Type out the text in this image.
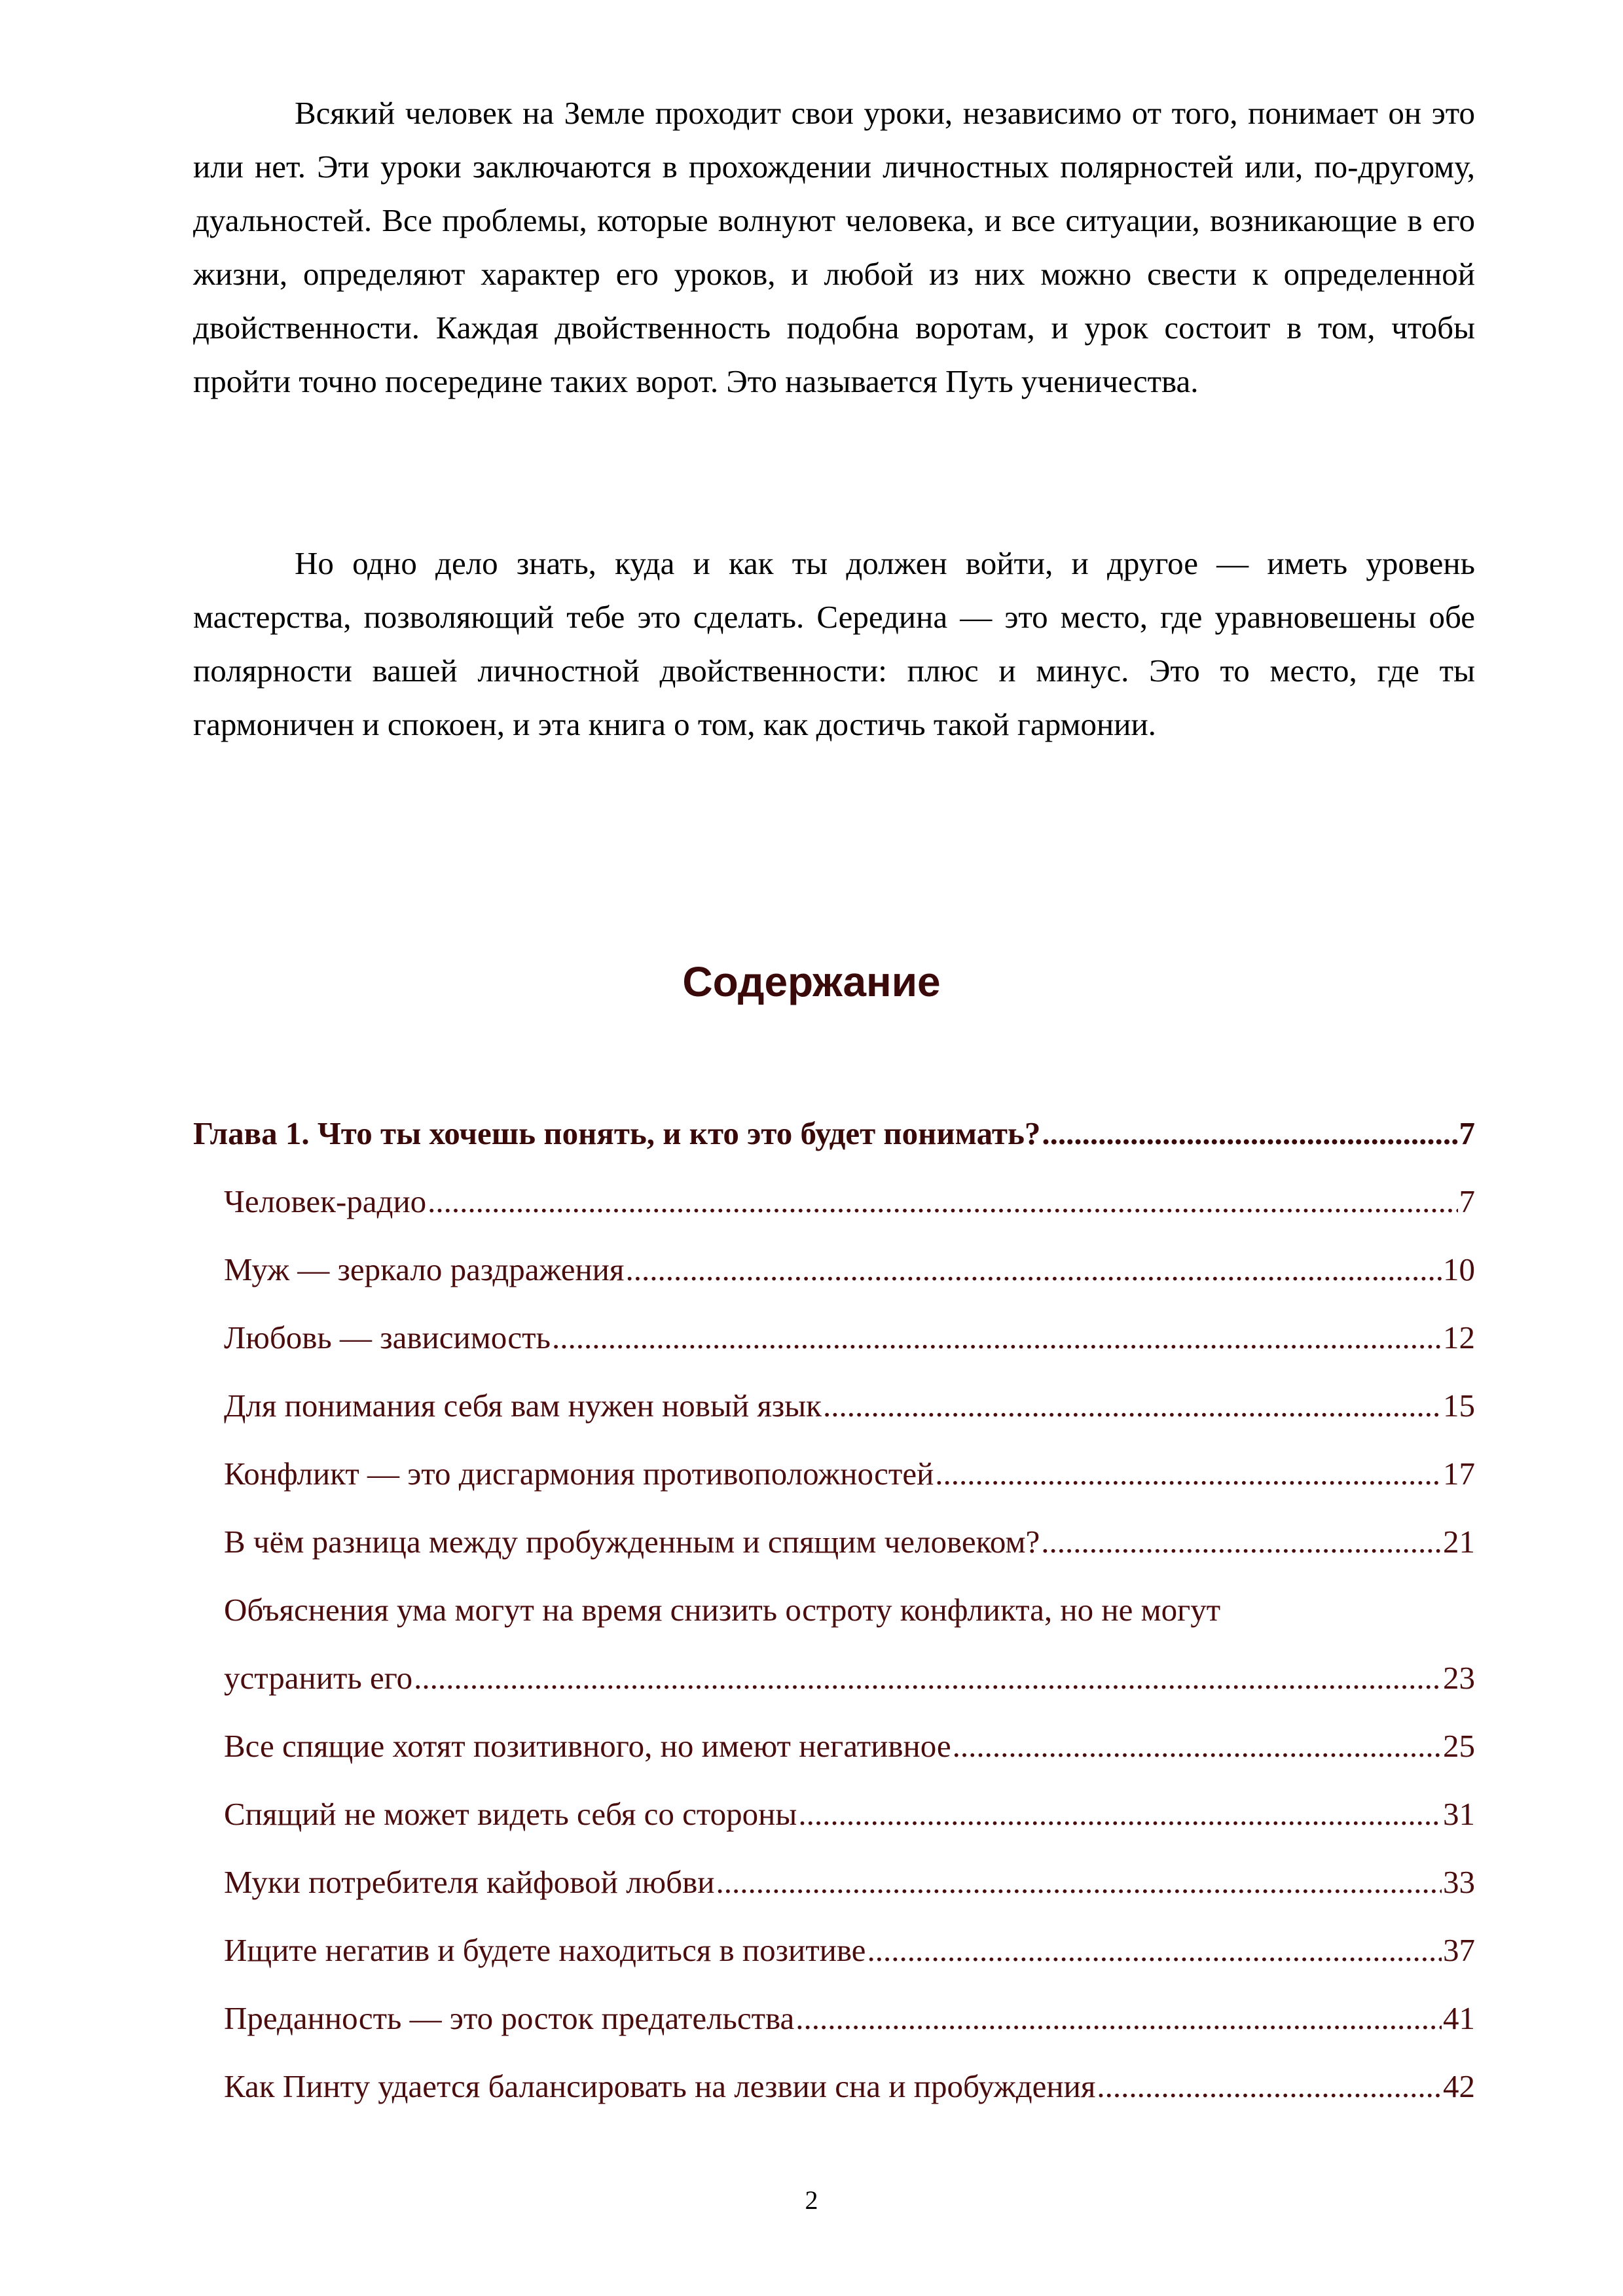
Всякий человек на Земле проходит свои уроки, независимо от того, понимает он это или нет. Эти уроки заключаются в прохождении личностных полярностей или, по-другому, дуальностей. Все проблемы, которые волнуют человека, и все ситуации, возникающие в его жизни, определяют характер его уроков, и любой из них можно свести к определенной двойственности. Каждая двойственность подобна воротам, и урок состоит в том, чтобы пройти точно посередине таких ворот. Это называется Путь ученичества.

Но одно дело знать, куда и как ты должен войти, и другое — иметь уровень мастерства, позволяющий тебе это сделать. Середина — это место, где уравновешены обе полярности вашей личностной двойственности: плюс и минус. Это то место, где ты гармоничен и спокоен, и эта книга о том, как достичь такой гармонии.

Содержание
Глава 1. Что ты хочешь понять, и кто это будет понимать? .....	7
Человек-радио .....	7
Муж — зеркало раздражения .....	10
Любовь — зависимость .....	12
Для понимания себя вам нужен новый язык .....	15
Конфликт — это дисгармония противоположностей .....	17
В чём разница между пробужденным и спящим человеком? .....	21
Объяснения ума могут на время снизить остроту конфликта, но не могут
устранить его .....	23
Все спящие хотят позитивного, но имеют негативное .....	25
Спящий не может видеть себя со стороны .....	31
Муки потребителя кайфовой любви .....	33
Ищите негатив и будете находиться в позитиве .....	37
Преданность — это росток предательства .....	41
Как Пинту удается балансировать на лезвии сна и пробуждения .....	42
2
